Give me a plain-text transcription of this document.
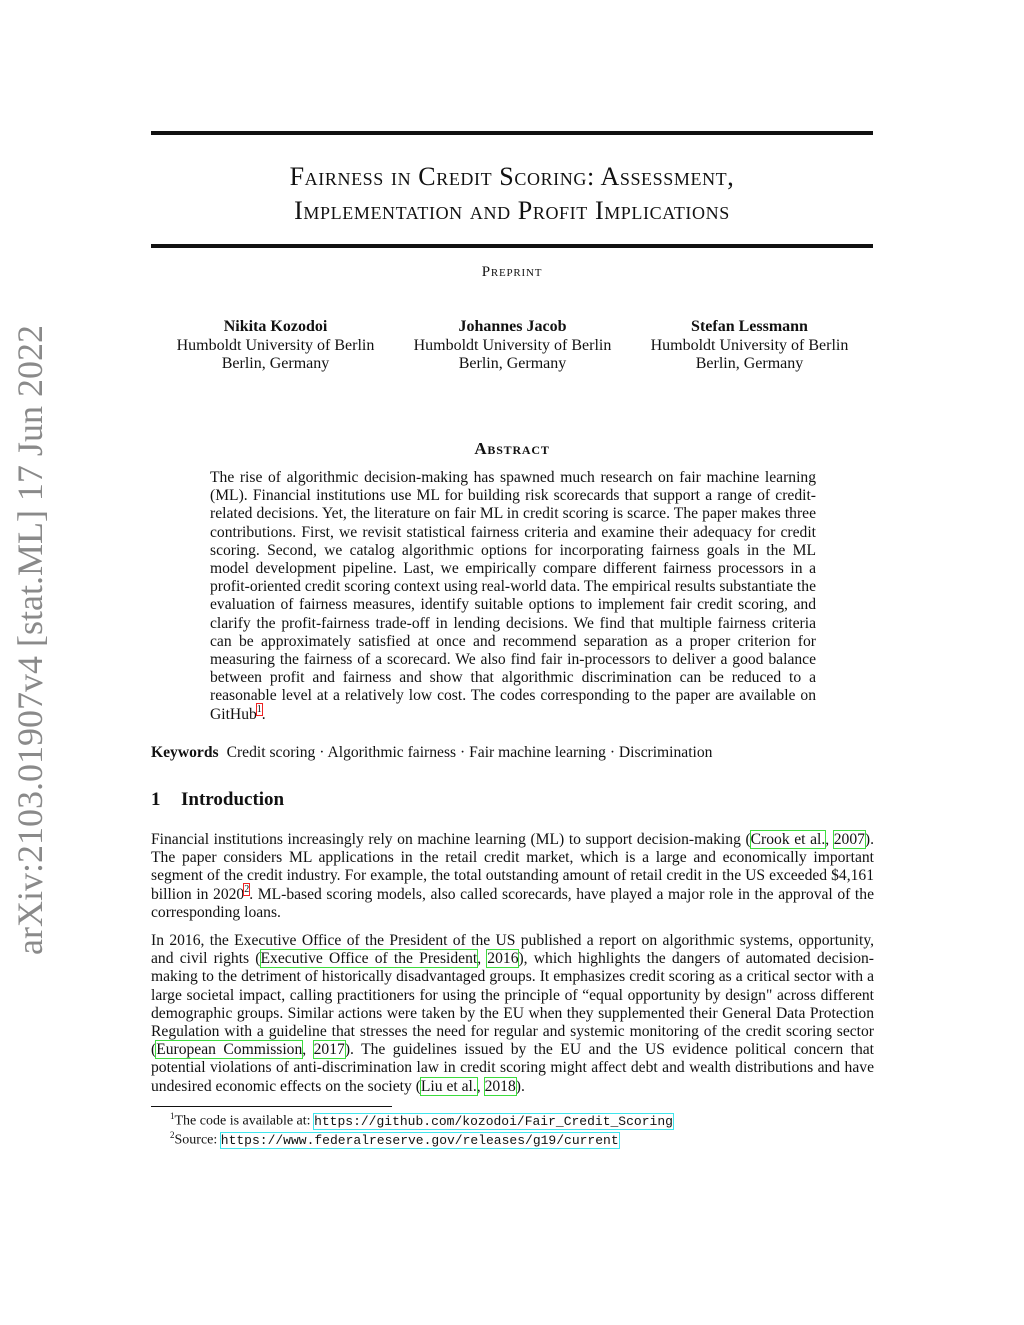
arXiv:2103.01907v4 [stat.ML] 17 Jun 2022
Fairness in Credit Scoring: Assessment,
Implementation and Profit Implications
Preprint
Nikita Kozodoi
Humboldt University of Berlin
Berlin, Germany
Johannes Jacob
Humboldt University of Berlin
Berlin, Germany
Stefan Lessmann
Humboldt University of Berlin
Berlin, Germany
Abstract
The rise of algorithmic decision-making has spawned much research on fair machine learning (ML). Financial institutions use ML for building risk scorecards that support a range of credit-related decisions. Yet, the literature on fair ML in credit scoring is scarce. The paper makes three contributions. First, we revisit statistical fairness criteria and examine their adequacy for credit scoring. Second, we catalog algorithmic options for incorporating fairness goals in the ML model development pipeline. Last, we empirically compare different fairness processors in a profit-oriented credit scoring context using real-world data. The empirical results substantiate the evaluation of fairness measures, identify suitable options to implement fair credit scoring, and clarify the profit-fairness trade-off in lending decisions. We find that multiple fairness criteria can be approximately satisfied at once and recommend separation as a proper criterion for measuring the fairness of a scorecard. We also find fair in-processors to deliver a good balance between profit and fairness and show that algorithmic discrimination can be reduced to a reasonable level at a relatively low cost. The codes corresponding to the paper are available on GitHub$^1$.
Keywords Credit scoring · Algorithmic fairness · Fair machine learning · Discrimination
1 Introduction
Financial institutions increasingly rely on machine learning (ML) to support decision-making (Crook et al., 2007). The paper considers ML applications in the retail credit market, which is a large and economically important segment of the credit industry. For example, the total outstanding amount of retail credit in the US exceeded $4,161 billion in 2020$^2$. ML-based scoring models, also called scorecards, have played a major role in the approval of the corresponding loans.
In 2016, the Executive Office of the President of the US published a report on algorithmic systems, opportunity, and civil rights (Executive Office of the President, 2016), which highlights the dangers of automated decision-making to the detriment of historically disadvantaged groups. It emphasizes credit scoring as a critical sector with a large societal impact, calling practitioners for using the principle of “equal opportunity by design" across different demographic groups. Similar actions were taken by the EU when they supplemented their General Data Protection Regulation with a guideline that stresses the need for regular and systemic monitoring of the credit scoring sector (European Commission, 2017). The guidelines issued by the EU and the US evidence political concern that potential violations of anti-discrimination law in credit scoring might affect debt and wealth distributions and have undesired economic effects on the society (Liu et al., 2018).
$^1$The code is available at: https://github.com/kozodoi/Fair_Credit_Scoring
$^2$Source: https://www.federalreserve.gov/releases/g19/current
